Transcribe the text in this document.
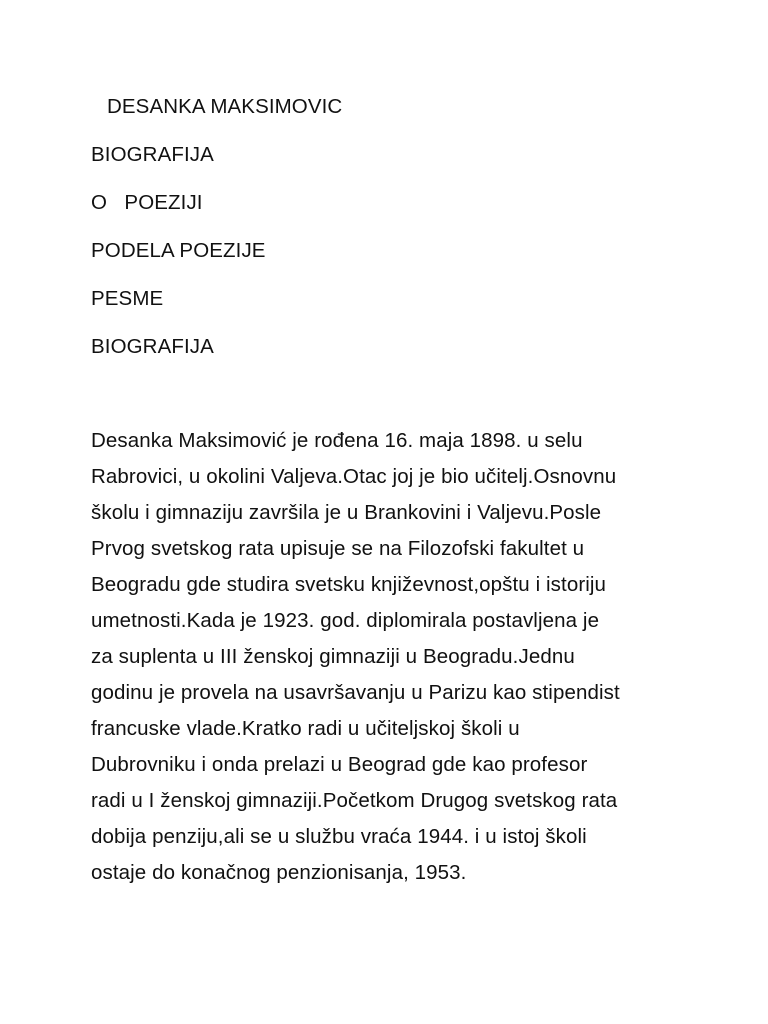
DESANKA MAKSIMOVIC
BIOGRAFIJA
O   POEZIJI
PODELA POEZIJE
PESME
BIOGRAFIJA
Desanka Maksimović je rođena 16. maja 1898. u selu
Rabrovici, u okolini Valjeva.Otac joj je bio učitelj.Osnovnu
školu i gimnaziju završila je u Brankovini i Valjevu.Posle
Prvog svetskog rata upisuje se na Filozofski fakultet u
Beogradu gde studira svetsku književnost,opštu i istoriju
umetnosti.Kada je 1923. god. diplomirala postavljena je
za suplenta u III ženskoj gimnaziji u Beogradu.Jednu
godinu je provela na usavršavanju u Parizu kao stipendist
francuske vlade.Kratko radi u učiteljskoj školi u
Dubrovniku i onda prelazi u Beograd gde kao profesor
radi u I ženskoj gimnaziji.Početkom Drugog svetskog rata
dobija penziju,ali se u službu vraća 1944. i u istoj školi
ostaje do konačnog penzionisanja, 1953.
